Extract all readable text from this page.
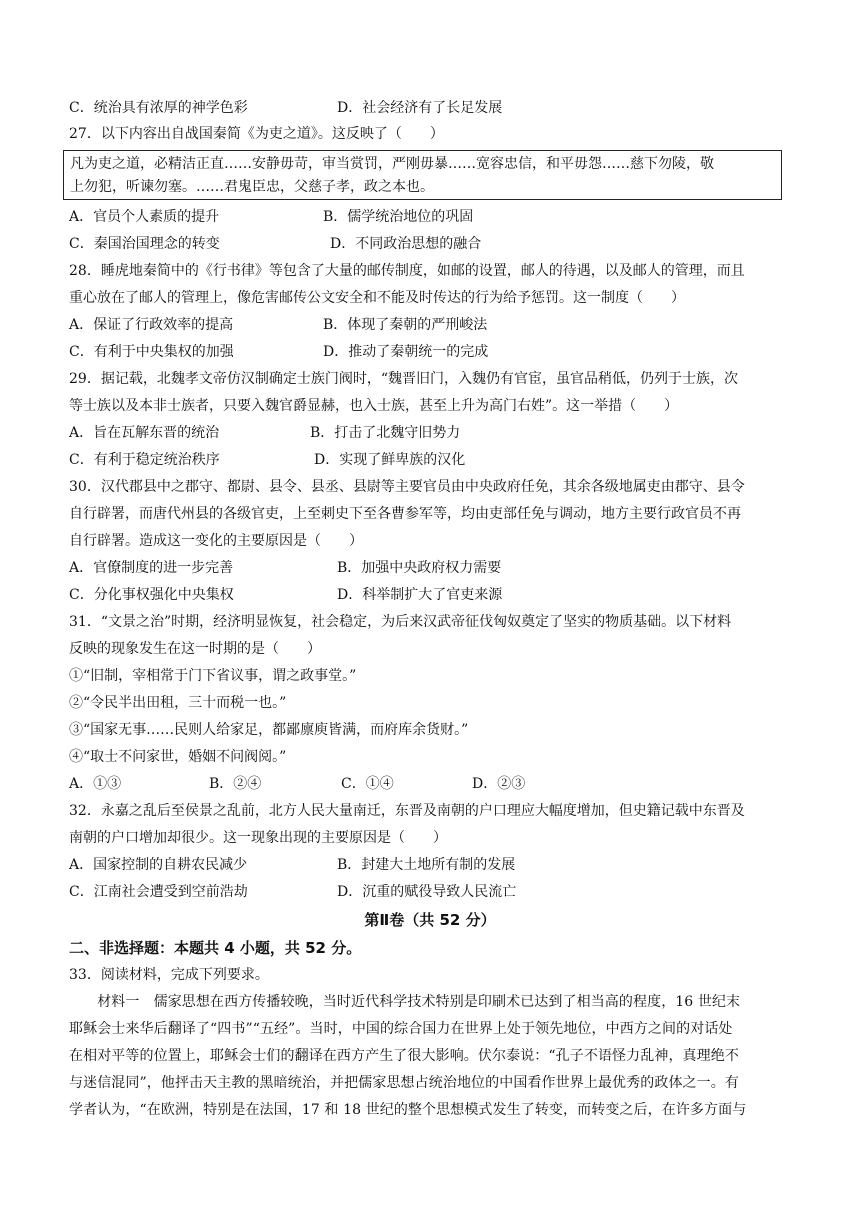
C．统治具有浓厚的神学色彩	D．社会经济有了长足发展
27．以下内容出自战国秦简《为吏之道》。这反映了（　　）
凡为吏之道，必精洁正直……安静毋苛，审当赏罚，严刚毋暴……宽容忠信，和平毋怨……慈下勿陵，敬
上勿犯，听谏勿塞。……君鬼臣忠，父慈子孝，政之本也。
A．官员个人素质的提升	B．儒学统治地位的巩固
C．秦国治国理念的转变	D．不同政治思想的融合
28．睡虎地秦简中的《行书律》等包含了大量的邮传制度，如邮的设置，邮人的待遇，以及邮人的管理，而且
重心放在了邮人的管理上，像危害邮传公文安全和不能及时传达的行为给予惩罚。这一制度（　　）
A．保证了行政效率的提高	B．体现了秦朝的严刑峻法
C．有利于中央集权的加强	D．推动了秦朝统一的完成
29．据记载，北魏孝文帝仿汉制确定士族门阀时，“魏晋旧门，入魏仍有官宦，虽官品稍低，仍列于士族，次
等士族以及本非士族者，只要入魏官爵显赫，也入士族，甚至上升为高门右姓”。这一举措（　　）
A．旨在瓦解东晋的统治	B．打击了北魏守旧势力
C．有利于稳定统治秩序	D．实现了鲜卑族的汉化
30．汉代郡县中之郡守、都尉、县令、县丞、县尉等主要官员由中央政府任免，其余各级地属吏由郡守、县令
自行辟署，而唐代州县的各级官吏，上至刺史下至各曹参军等，均由吏部任免与调动，地方主要行政官员不再
自行辟署。造成这一变化的主要原因是（　　）
A．官僚制度的进一步完善	B．加强中央政府权力需要
C．分化事权强化中央集权	D．科举制扩大了官吏来源
31．“文景之治”时期，经济明显恢复，社会稳定，为后来汉武帝征伐匈奴奠定了坚实的物质基础。以下材料
反映的现象发生在这一时期的是（　　）
①“旧制，宰相常于门下省议事，谓之政事堂。”
②“令民半出田租，三十而税一也。”
③“国家无事……民则人给家足，都鄙廪庾皆满，而府库余货财。”
④“取士不问家世，婚姻不问阀阅。”
A．①③	B．②④	C．①④	D．②③
32．永嘉之乱后至侯景之乱前，北方人民大量南迁，东晋及南朝的户口理应大幅度增加，但史籍记载中东晋及
南朝的户口增加却很少。这一现象出现的主要原因是（　　）
A．国家控制的自耕农民减少	B．封建大土地所有制的发展
C．江南社会遭受到空前浩劫	D．沉重的赋役导致人民流亡
第Ⅱ卷（共 52 分）
二、非选择题：本题共 4 小题，共 52 分。
33．阅读材料，完成下列要求。
　　材料一　儒家思想在西方传播较晚，当时近代科学技术特别是印刷术已达到了相当高的程度，16 世纪末
耶稣会士来华后翻译了“四书”“五经”。当时，中国的综合国力在世界上处于领先地位，中西方之间的对话处
在相对平等的位置上，耶稣会士们的翻译在西方产生了很大影响。伏尔泰说：“孔子不语怪力乱神，真理绝不
与迷信混同”，他抨击天主教的黑暗统治，并把儒家思想占统治地位的中国看作世界上最优秀的政体之一。有
学者认为，“在欧洲，特别是在法国，17 和 18 世纪的整个思想模式发生了转变，而转变之后，在许多方面与
